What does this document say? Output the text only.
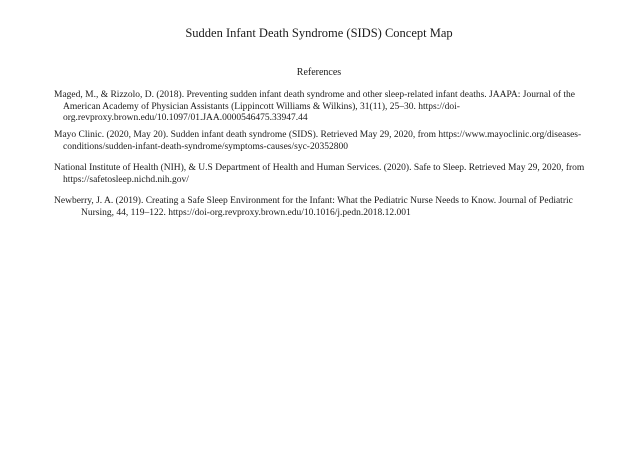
Sudden Infant Death Syndrome (SIDS) Concept Map
References
Maged, M., & Rizzolo, D. (2018). Preventing sudden infant death syndrome and other sleep-related infant deaths. JAAPA: Journal of the
American Academy of Physician Assistants (Lippincott Williams & Wilkins), 31(11), 25–30. https://doi-
org.revproxy.brown.edu/10.1097/01.JAA.0000546475.33947.44
Mayo Clinic. (2020, May 20). Sudden infant death syndrome (SIDS). Retrieved May 29, 2020, from https://www.mayoclinic.org/diseases-
conditions/sudden-infant-death-syndrome/symptoms-causes/syc-20352800
National Institute of Health (NIH), & U.S Department of Health and Human Services. (2020). Safe to Sleep. Retrieved May 29, 2020, from
https://safetosleep.nichd.nih.gov/
Newberry, J. A. (2019). Creating a Safe Sleep Environment for the Infant: What the Pediatric Nurse Needs to Know. Journal of Pediatric
Nursing, 44, 119–122. https://doi-org.revproxy.brown.edu/10.1016/j.pedn.2018.12.001
